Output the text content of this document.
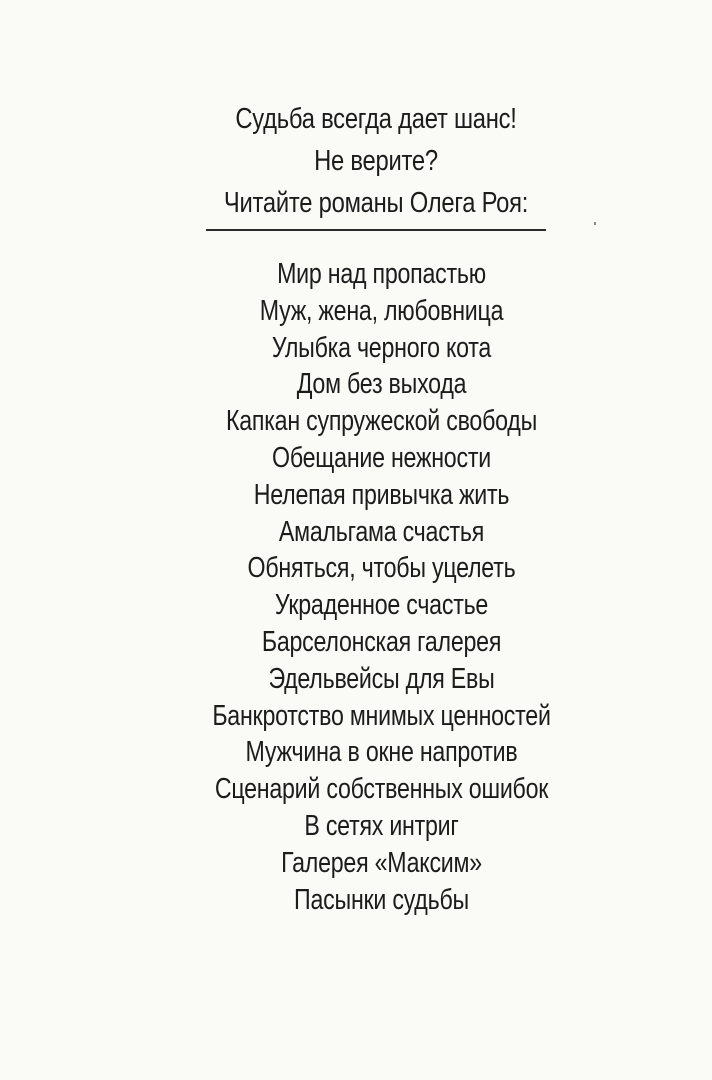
Судьба всегда дает шанс!
Не верите?
Читайте романы Олега Роя:
Мир над пропастью
Муж, жена, любовница
Улыбка черного кота
Дом без выхода
Капкан супружеской свободы
Обещание нежности
Нелепая привычка жить
Амальгама счастья
Обняться, чтобы уцелеть
Украденное счастье
Барселонская галерея
Эдельвейсы для Евы
Банкротство мнимых ценностей
Мужчина в окне напротив
Сценарий собственных ошибок
В сетях интриг
Галерея «Максим»
Пасынки судьбы
